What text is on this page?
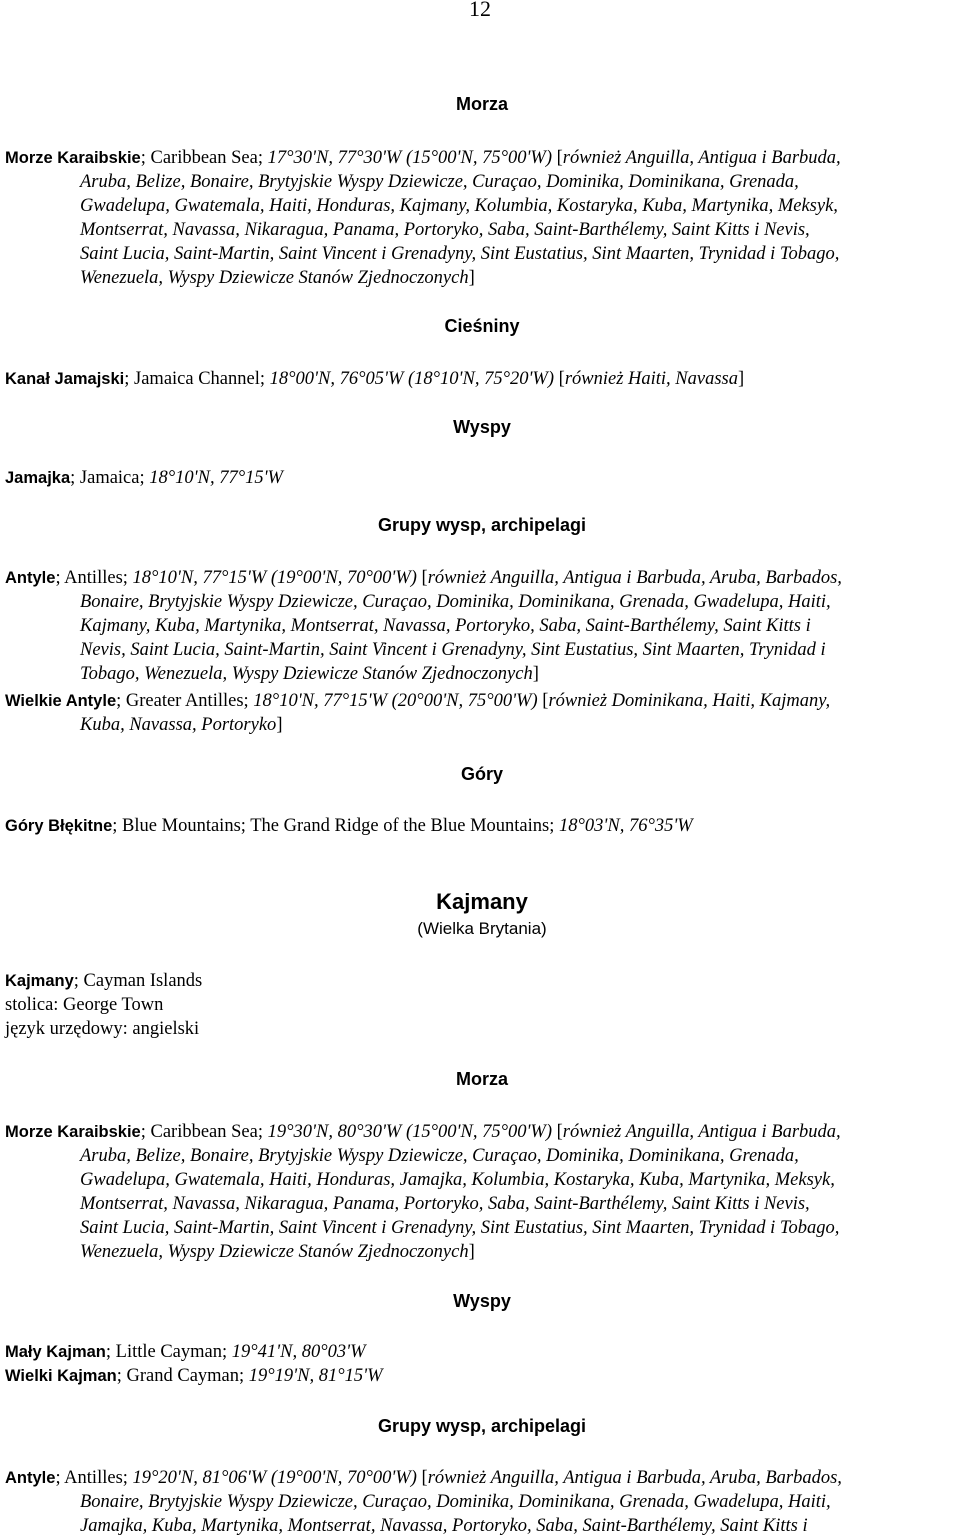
12
Morza
Morze Karaibskie; Caribbean Sea; 17°30'N, 77°30'W (15°00'N, 75°00'W) [również Anguilla, Antigua i Barbuda,
Aruba, Belize, Bonaire, Brytyjskie Wyspy Dziewicze, Curaçao, Dominika, Dominikana, Grenada,
Gwadelupa, Gwatemala, Haiti, Honduras, Kajmany, Kolumbia, Kostaryka, Kuba, Martynika, Meksyk,
Montserrat, Navassa, Nikaragua, Panama, Portoryko, Saba, Saint-Barthélemy, Saint Kitts i Nevis,
Saint Lucia, Saint-Martin, Saint Vincent i Grenadyny, Sint Eustatius, Sint Maarten, Trynidad i Tobago,
Wenezuela, Wyspy Dziewicze Stanów Zjednoczonych]
Cieśniny
Kanał Jamajski; Jamaica Channel; 18°00'N, 76°05'W (18°10'N, 75°20'W) [również Haiti, Navassa]
Wyspy
Jamajka; Jamaica; 18°10'N, 77°15'W
Grupy wysp, archipelagi
Antyle; Antilles; 18°10'N, 77°15'W (19°00'N, 70°00'W) [również Anguilla, Antigua i Barbuda, Aruba, Barbados,
Bonaire, Brytyjskie Wyspy Dziewicze, Curaçao, Dominika, Dominikana, Grenada, Gwadelupa, Haiti,
Kajmany, Kuba, Martynika, Montserrat, Navassa, Portoryko, Saba, Saint-Barthélemy, Saint Kitts i
Nevis, Saint Lucia, Saint-Martin, Saint Vincent i Grenadyny, Sint Eustatius, Sint Maarten, Trynidad i
Tobago, Wenezuela, Wyspy Dziewicze Stanów Zjednoczonych]
Wielkie Antyle; Greater Antilles; 18°10'N, 77°15'W (20°00'N, 75°00'W) [również Dominikana, Haiti, Kajmany,
Kuba, Navassa, Portoryko]
Góry
Góry Błękitne; Blue Mountains; The Grand Ridge of the Blue Mountains; 18°03'N, 76°35'W
Kajmany
(Wielka Brytania)
Kajmany; Cayman Islands
stolica: George Town
język urzędowy: angielski
Morza
Morze Karaibskie; Caribbean Sea; 19°30'N, 80°30'W (15°00'N, 75°00'W) [również Anguilla, Antigua i Barbuda,
Aruba, Belize, Bonaire, Brytyjskie Wyspy Dziewicze, Curaçao, Dominika, Dominikana, Grenada,
Gwadelupa, Gwatemala, Haiti, Honduras, Jamajka, Kolumbia, Kostaryka, Kuba, Martynika, Meksyk,
Montserrat, Navassa, Nikaragua, Panama, Portoryko, Saba, Saint-Barthélemy, Saint Kitts i Nevis,
Saint Lucia, Saint-Martin, Saint Vincent i Grenadyny, Sint Eustatius, Sint Maarten, Trynidad i Tobago,
Wenezuela, Wyspy Dziewicze Stanów Zjednoczonych]
Wyspy
Mały Kajman; Little Cayman; 19°41'N, 80°03'W
Wielki Kajman; Grand Cayman; 19°19'N, 81°15'W
Grupy wysp, archipelagi
Antyle; Antilles; 19°20'N, 81°06'W (19°00'N, 70°00'W) [również Anguilla, Antigua i Barbuda, Aruba, Barbados,
Bonaire, Brytyjskie Wyspy Dziewicze, Curaçao, Dominika, Dominikana, Grenada, Gwadelupa, Haiti,
Jamajka, Kuba, Martynika, Montserrat, Navassa, Portoryko, Saba, Saint-Barthélemy, Saint Kitts i
